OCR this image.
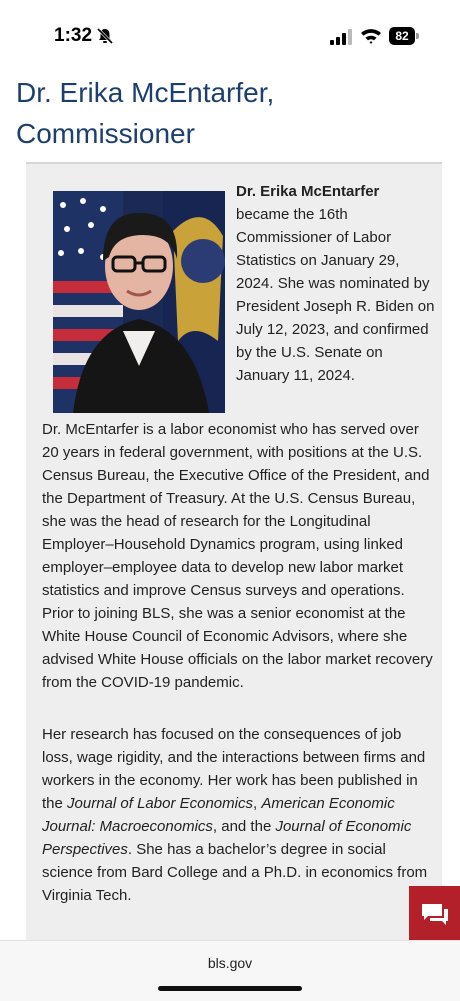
1:32	82
Dr. Erika McEntarfer, Commissioner
Dr. Erika McEntarfer became the 16th Commissioner of Labor Statistics on January 29, 2024. She was nominated by President Joseph R. Biden on July 12, 2023, and confirmed by the U.S. Senate on January 11, 2024.
Dr. McEntarfer is a labor economist who has served over 20 years in federal government, with positions at the U.S. Census Bureau, the Executive Office of the President, and the Department of Treasury. At the U.S. Census Bureau, she was the head of research for the Longitudinal Employer–Household Dynamics program, using linked employer–employee data to develop new labor market statistics and improve Census surveys and operations. Prior to joining BLS, she was a senior economist at the White House Council of Economic Advisors, where she advised White House officials on the labor market recovery from the COVID-19 pandemic.
Her research has focused on the consequences of job loss, wage rigidity, and the interactions between firms and workers in the economy. Her work has been published in the Journal of Labor Economics, American Economic Journal: Macroeconomics, and the Journal of Economic Perspectives. She has a bachelor’s degree in social science from Bard College and a Ph.D. in economics from Virginia Tech.
bls.gov
